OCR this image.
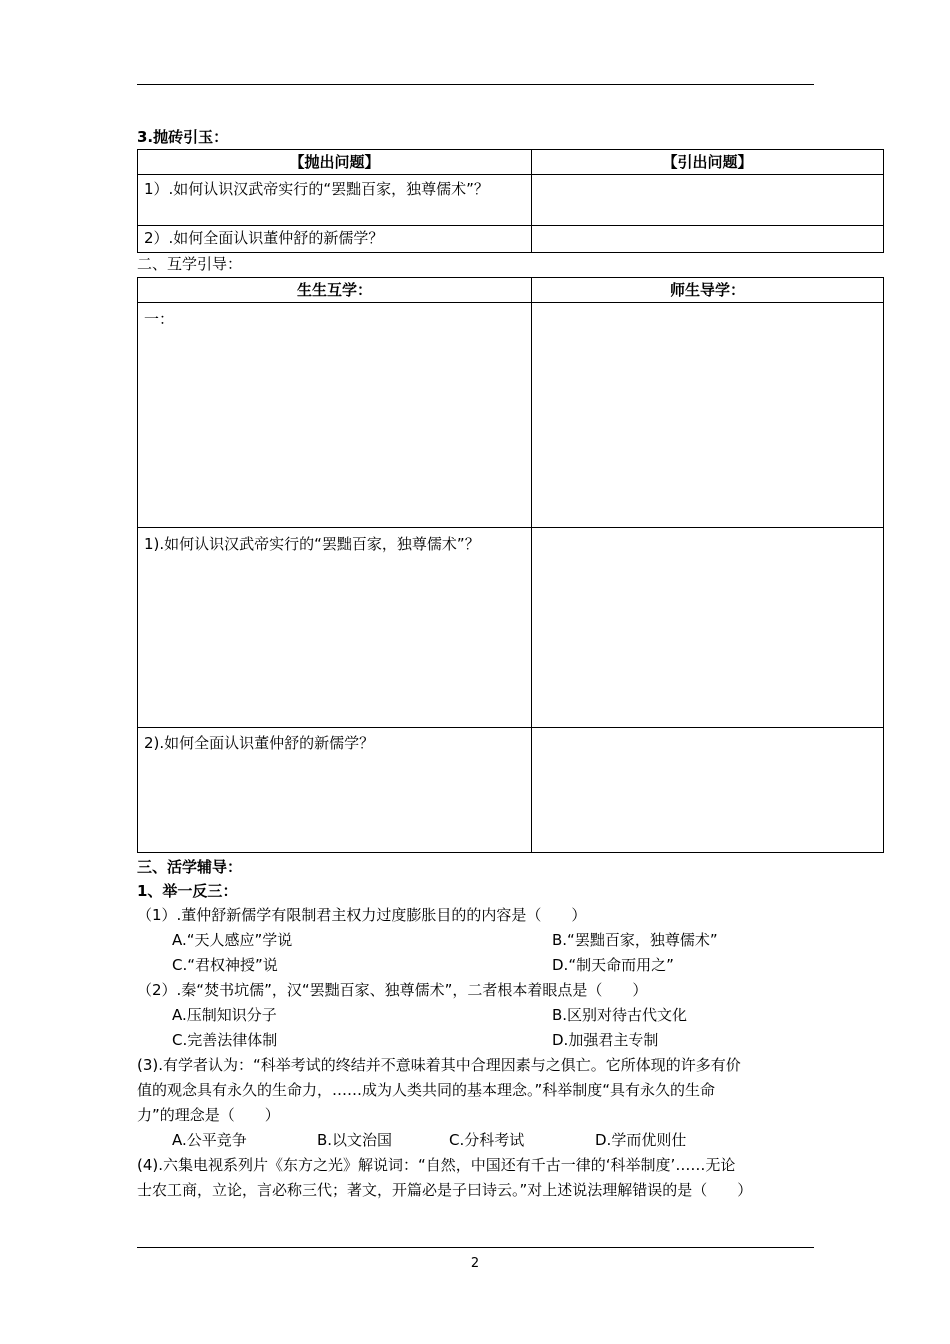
3.抛砖引玉：
【抛出问题】	【引出问题】

1）.如何认识汉武帝实行的“罢黜百家，独尊儒术”？	

2）.如何全面认识董仲舒的新儒学？	

二、互学引导：
生生互学：	师生导学：

一：	

1).如何认识汉武帝实行的“罢黜百家，独尊儒术”？	

2).如何全面认识董仲舒的新儒学？	

三、活学辅导：
1、举一反三：
（1）.董仲舒新儒学有限制君主权力过度膨胀目的的内容是（　　）
A.“天人感应”学说	B.“罢黜百家，独尊儒术”
C.“君权神授”说	D.“制天命而用之”
（2）.秦“焚书坑儒”，汉“罢黜百家、独尊儒术”，二者根本着眼点是（　　）
A.压制知识分子	B.区别对待古代文化
C.完善法律体制	D.加强君主专制
(3).有学者认为：“科举考试的终结并不意味着其中合理因素与之俱亡。它所体现的许多有价
值的观念具有永久的生命力，……成为人类共同的基本理念。”科举制度“具有永久的生命
力”的理念是（　　）
A.公平竞争	B.以文治国	C.分科考试	D.学而优则仕
(4).六集电视系列片《东方之光》解说词：“自然，中国还有千古一律的‘科举制度’……无论
士农工商，立论，言必称三代；著文，开篇必是子曰诗云。”对上述说法理解错误的是（　　）
2
